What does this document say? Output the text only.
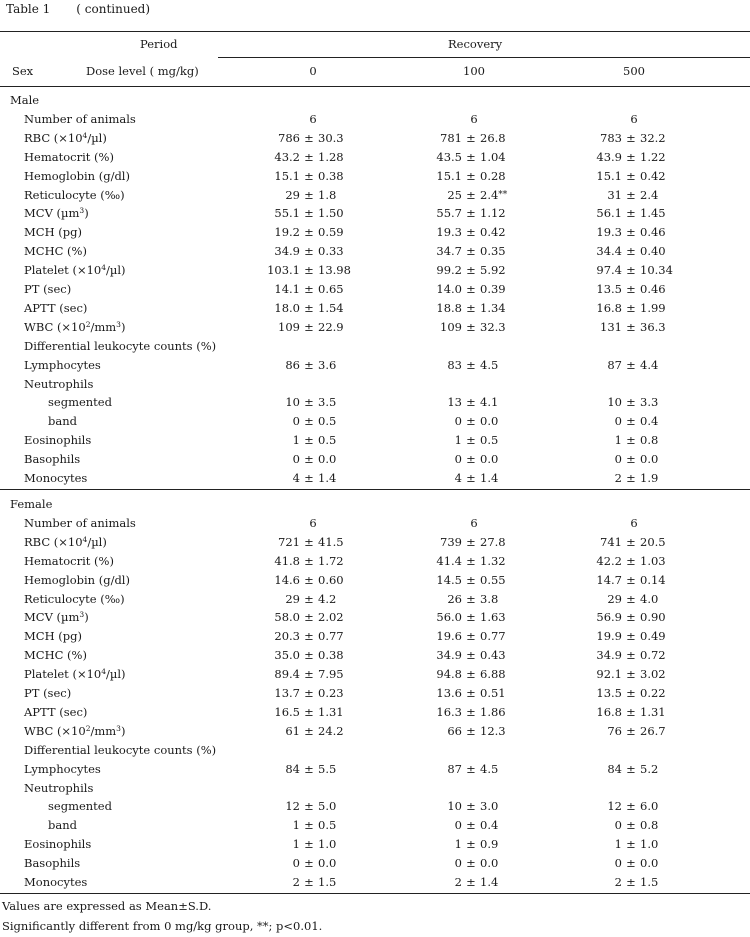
Table 1 ( continued)
Period	Recovery
Sex	Dose level ( mg/kg)	0	100	500
Male
Number of animals	6	6	6
RBC $(\times 10^4/\mu l)$	786 ± 30.3	781 ± 26.8	783 ± 32.2
Hematocrit (%)	43.2 ± 1.28	43.5 ± 1.04	43.9 ± 1.22
Hemoglobin (g/dl)	15.1 ± 0.38	15.1 ± 0.28	15.1 ± 0.42
Reticulocyte (‰)	29 ± 1.8	25 ± 2.4**	31 ± 2.4
MCV (µm$^3$)	55.1 ± 1.50	55.7 ± 1.12	56.1 ± 1.45
MCH (pg)	19.2 ± 0.59	19.3 ± 0.42	19.3 ± 0.46
MCHC (%)	34.9 ± 0.33	34.7 ± 0.35	34.4 ± 0.40
Platelet $(\times 10^4/\mu l)$	103.1 ± 13.98	99.2 ± 5.92	97.4 ± 10.34
PT (sec)	14.1 ± 0.65	14.0 ± 0.39	13.5 ± 0.46
APTT (sec)	18.0 ± 1.54	18.8 ± 1.34	16.8 ± 1.99
WBC $(\times 10^2/mm^3)$	109 ± 22.9	109 ± 32.3	131 ± 36.3
Differential leukocyte counts (%)
Lymphocytes	86 ± 3.6	83 ± 4.5	87 ± 4.4
Neutrophils
segmented	10 ± 3.5	13 ± 4.1	10 ± 3.3
band	0 ± 0.5	0 ± 0.0	0 ± 0.4
Eosinophils	1 ± 0.5	1 ± 0.5	1 ± 0.8
Basophils	0 ± 0.0	0 ± 0.0	0 ± 0.0
Monocytes	4 ± 1.4	4 ± 1.4	2 ± 1.9
Female
Number of animals	6	6	6
RBC $(\times 10^4/\mu l)$	721 ± 41.5	739 ± 27.8	741 ± 20.5
Hematocrit (%)	41.8 ± 1.72	41.4 ± 1.32	42.2 ± 1.03
Hemoglobin (g/dl)	14.6 ± 0.60	14.5 ± 0.55	14.7 ± 0.14
Reticulocyte (‰)	29 ± 4.2	26 ± 3.8	29 ± 4.0
MCV (µm$^3$)	58.0 ± 2.02	56.0 ± 1.63	56.9 ± 0.90
MCH (pg)	20.3 ± 0.77	19.6 ± 0.77	19.9 ± 0.49
MCHC (%)	35.0 ± 0.38	34.9 ± 0.43	34.9 ± 0.72
Platelet $(\times 10^4/\mu l)$	89.4 ± 7.95	94.8 ± 6.88	92.1 ± 3.02
PT (sec)	13.7 ± 0.23	13.6 ± 0.51	13.5 ± 0.22
APTT (sec)	16.5 ± 1.31	16.3 ± 1.86	16.8 ± 1.31
WBC $(\times 10^2/mm^3)$	61 ± 24.2	66 ± 12.3	76 ± 26.7
Differential leukocyte counts (%)
Lymphocytes	84 ± 5.5	87 ± 4.5	84 ± 5.2
Neutrophils
segmented	12 ± 5.0	10 ± 3.0	12 ± 6.0
band	1 ± 0.5	0 ± 0.4	0 ± 0.8
Eosinophils	1 ± 1.0	1 ± 0.9	1 ± 1.0
Basophils	0 ± 0.0	0 ± 0.0	0 ± 0.0
Monocytes	2 ± 1.5	2 ± 1.4	2 ± 1.5
Values are expressed as Mean±S.D.
Significantly different from 0 mg/kg group, **; p<0.01.
